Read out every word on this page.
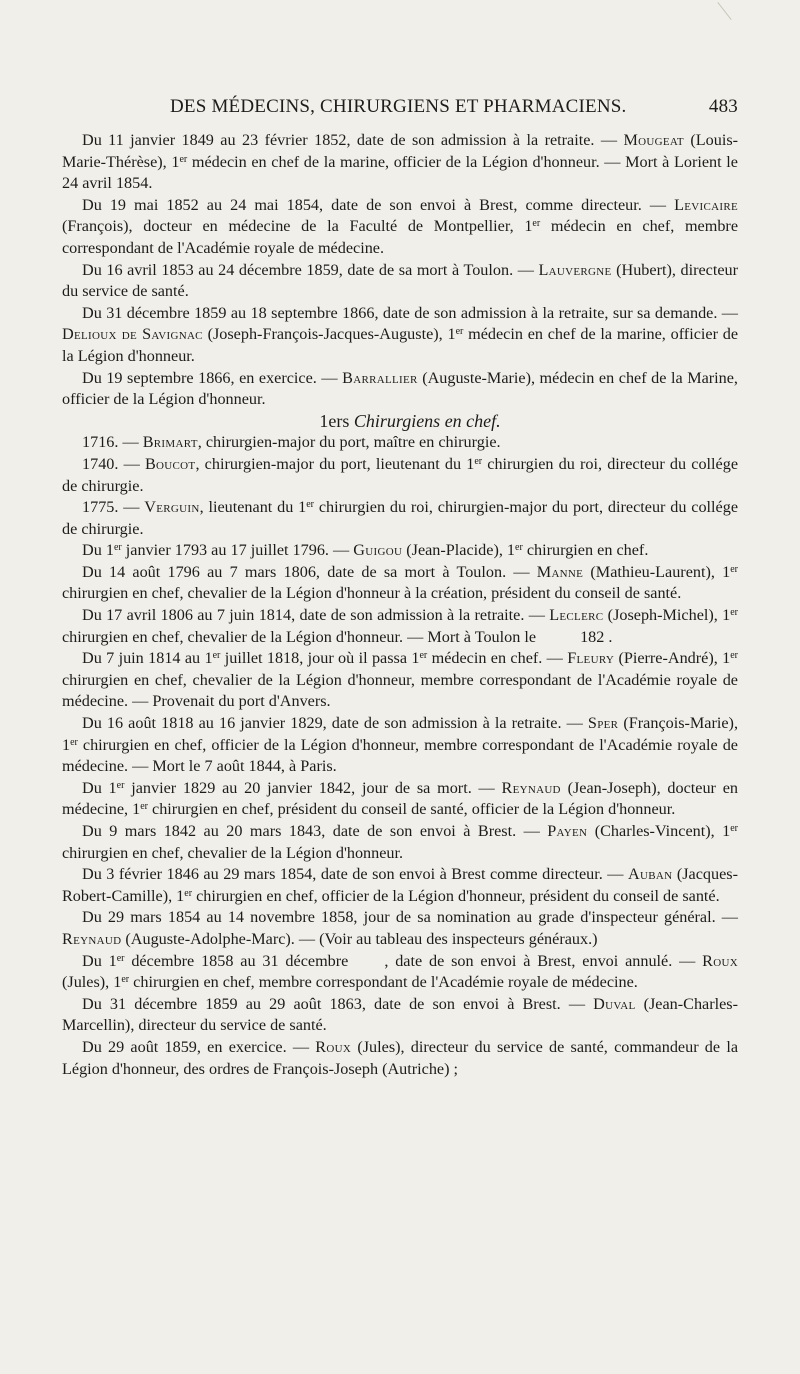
DES MÉDECINS, CHIRURGIENS ET PHARMACIENS.	483

Du 11 janvier 1849 au 23 février 1852, date de son admission à la retraite. — Mougeat (Louis-Marie-Thérèse), 1er médecin en chef de la marine, officier de la Légion d'honneur. — Mort à Lorient le 24 avril 1854.

Du 19 mai 1852 au 24 mai 1854, date de son envoi à Brest, comme directeur. — Levicaire (François), docteur en médecine de la Faculté de Montpellier, 1er médecin en chef, membre correspondant de l'Académie royale de médecine.

Du 16 avril 1853 au 24 décembre 1859, date de sa mort à Toulon. — Lauvergne (Hubert), directeur du service de santé.

Du 31 décembre 1859 au 18 septembre 1866, date de son admission à la retraite, sur sa demande. — Delioux de Savignac (Joseph-François-Jacques-Auguste), 1er médecin en chef de la marine, officier de la Légion d'honneur.

Du 19 septembre 1866, en exercice. — Barrallier (Auguste-Marie), médecin en chef de la Marine, officier de la Légion d'honneur.

1ers Chirurgiens en chef.

1716. — Brimart, chirurgien-major du port, maître en chirurgie.

1740. — Boucot, chirurgien-major du port, lieutenant du 1er chirurgien du roi, directeur du collége de chirurgie.

1775. — Verguin, lieutenant du 1er chirurgien du roi, chirurgien-major du port, directeur du collége de chirurgie.

Du 1er janvier 1793 au 17 juillet 1796. — Guigou (Jean-Placide), 1er chirurgien en chef.

Du 14 août 1796 au 7 mars 1806, date de sa mort à Toulon. — Manne (Mathieu-Laurent), 1er chirurgien en chef, chevalier de la Légion d'honneur à la création, président du conseil de santé.

Du 17 avril 1806 au 7 juin 1814, date de son admission à la retraite. — Leclerc (Joseph-Michel), 1er chirurgien en chef, chevalier de la Légion d'honneur. — Mort à Toulon le	182 .

Du 7 juin 1814 au 1er juillet 1818, jour où il passa 1er médecin en chef. — Fleury (Pierre-André), 1er chirurgien en chef, chevalier de la Légion d'honneur, membre correspondant de l'Académie royale de médecine. — Provenait du port d'Anvers.

Du 16 août 1818 au 16 janvier 1829, date de son admission à la retraite. — Sper (François-Marie), 1er chirurgien en chef, officier de la Légion d'honneur, membre correspondant de l'Académie royale de médecine. — Mort le 7 août 1844, à Paris.

Du 1er janvier 1829 au 20 janvier 1842, jour de sa mort. — Reynaud (Jean-Joseph), docteur en médecine, 1er chirurgien en chef, président du conseil de santé, officier de la Légion d'honneur.

Du 9 mars 1842 au 20 mars 1843, date de son envoi à Brest. — Payen (Charles-Vincent), 1er chirurgien en chef, chevalier de la Légion d'honneur.

Du 3 février 1846 au 29 mars 1854, date de son envoi à Brest comme directeur. — Auban (Jacques-Robert-Camille), 1er chirurgien en chef, officier de la Légion d'honneur, président du conseil de santé.

Du 29 mars 1854 au 14 novembre 1858, jour de sa nomination au grade d'inspecteur général. — Reynaud (Auguste-Adolphe-Marc). — (Voir au tableau des inspecteurs généraux.)

Du 1er décembre 1858 au 31 décembre , date de son envoi à Brest, envoi annulé. — Roux (Jules), 1er chirurgien en chef, membre correspondant de l'Académie royale de médecine.

Du 31 décembre 1859 au 29 août 1863, date de son envoi à Brest. — Duval (Jean-Charles-Marcellin), directeur du service de santé.

Du 29 août 1859, en exercice. — Roux (Jules), directeur du service de santé, commandeur de la Légion d'honneur, des ordres de François-Joseph (Autriche) ;
